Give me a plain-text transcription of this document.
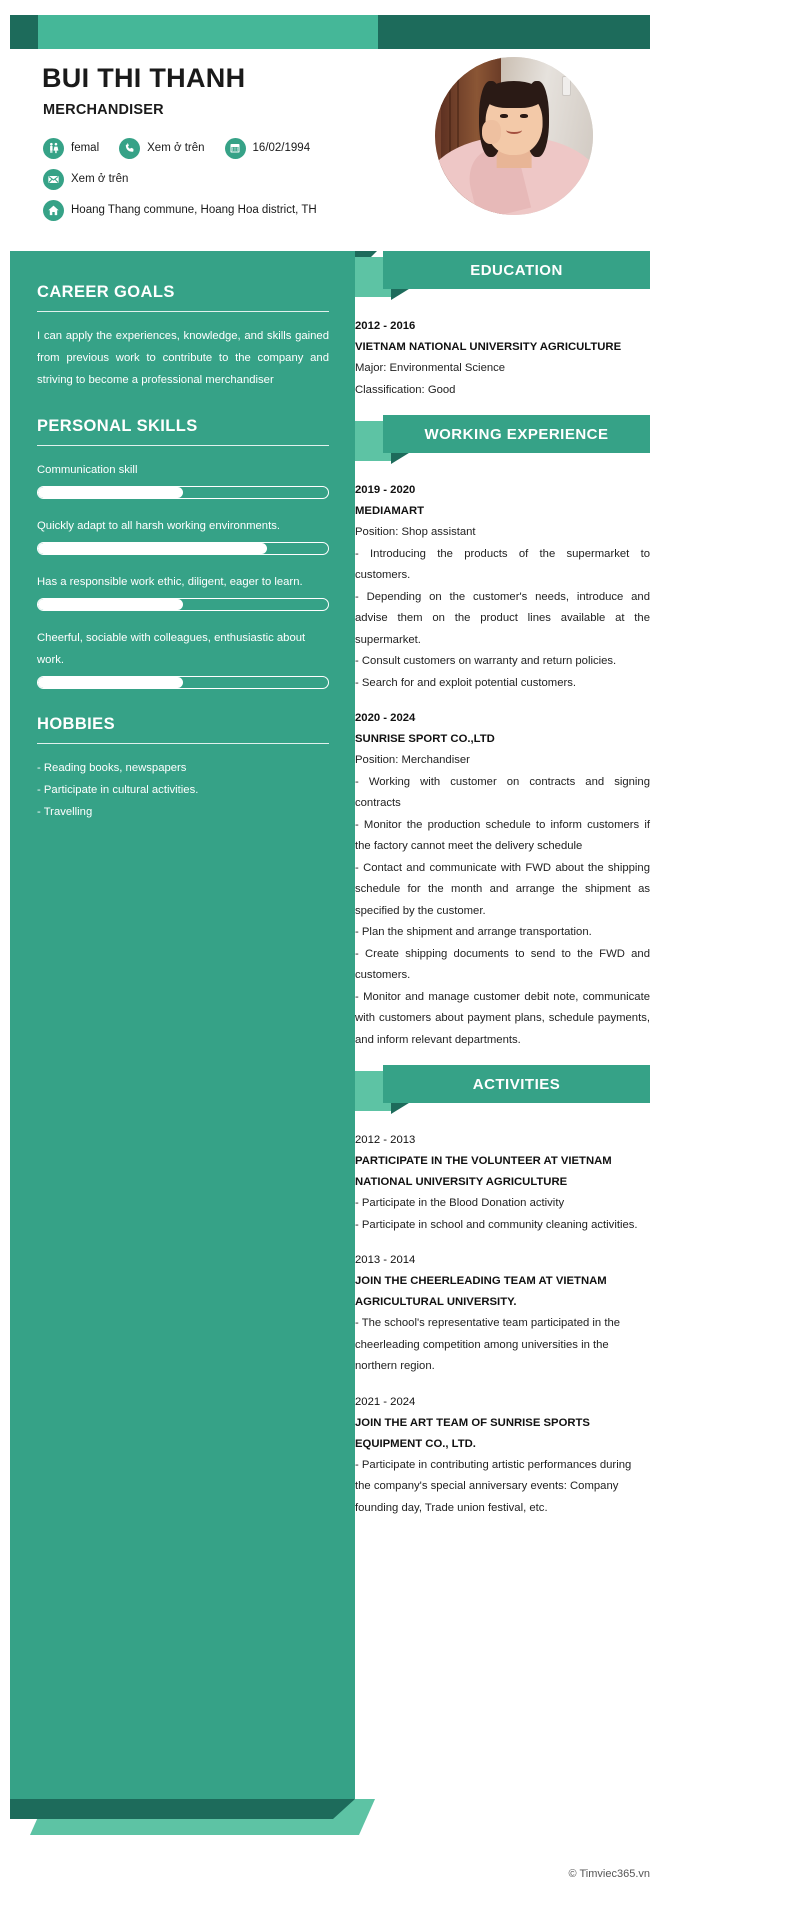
BUI THI THANH
MERCHANDISER
femal	Xem ở trên	16/02/1994
Xem ở trên
Hoang Thang commune, Hoang Hoa district, TH
CAREER GOALS
I can apply the experiences, knowledge, and skills gained from previous work to contribute to the company and striving to become a professional merchandiser
PERSONAL SKILLS
Communication skill
Quickly adapt to all harsh working environments.
Has a responsible work ethic, diligent, eager to learn.
Cheerful, sociable with colleagues, enthusiastic about work.
HOBBIES
- Reading books, newspapers
- Participate in cultural activities.
- Travelling
EDUCATION
2012 - 2016
VIETNAM NATIONAL UNIVERSITY AGRICULTURE
Major: Environmental Science
Classification: Good
WORKING EXPERIENCE
2019 - 2020
MEDIAMART
Position: Shop assistant
- Introducing the products of the supermarket to customers.
- Depending on the customer's needs, introduce and advise them on the product lines available at the supermarket.
- Consult customers on warranty and return policies.
- Search for and exploit potential customers.
2020 - 2024
SUNRISE SPORT CO.,LTD
Position: Merchandiser
- Working with customer on contracts and signing contracts
- Monitor the production schedule to inform customers if the factory cannot meet the delivery schedule
- Contact and communicate with FWD about the shipping schedule for the month and arrange the shipment as specified by the customer.
- Plan the shipment and arrange transportation.
- Create shipping documents to send to the FWD and customers.
- Monitor and manage customer debit note, communicate with customers about payment plans, schedule payments, and inform relevant departments.
ACTIVITIES
2012 - 2013
PARTICIPATE IN THE VOLUNTEER AT VIETNAM NATIONAL UNIVERSITY AGRICULTURE
- Participate in the Blood Donation activity
- Participate in school and community cleaning activities.
2013 - 2014
JOIN THE CHEERLEADING TEAM AT VIETNAM AGRICULTURAL UNIVERSITY.
- The school's representative team participated in the cheerleading competition among universities in the northern region.
2021 - 2024
JOIN THE ART TEAM OF SUNRISE SPORTS EQUIPMENT CO., LTD.
- Participate in contributing artistic performances during the company's special anniversary events: Company founding day, Trade union festival, etc.
© Timviec365.vn
